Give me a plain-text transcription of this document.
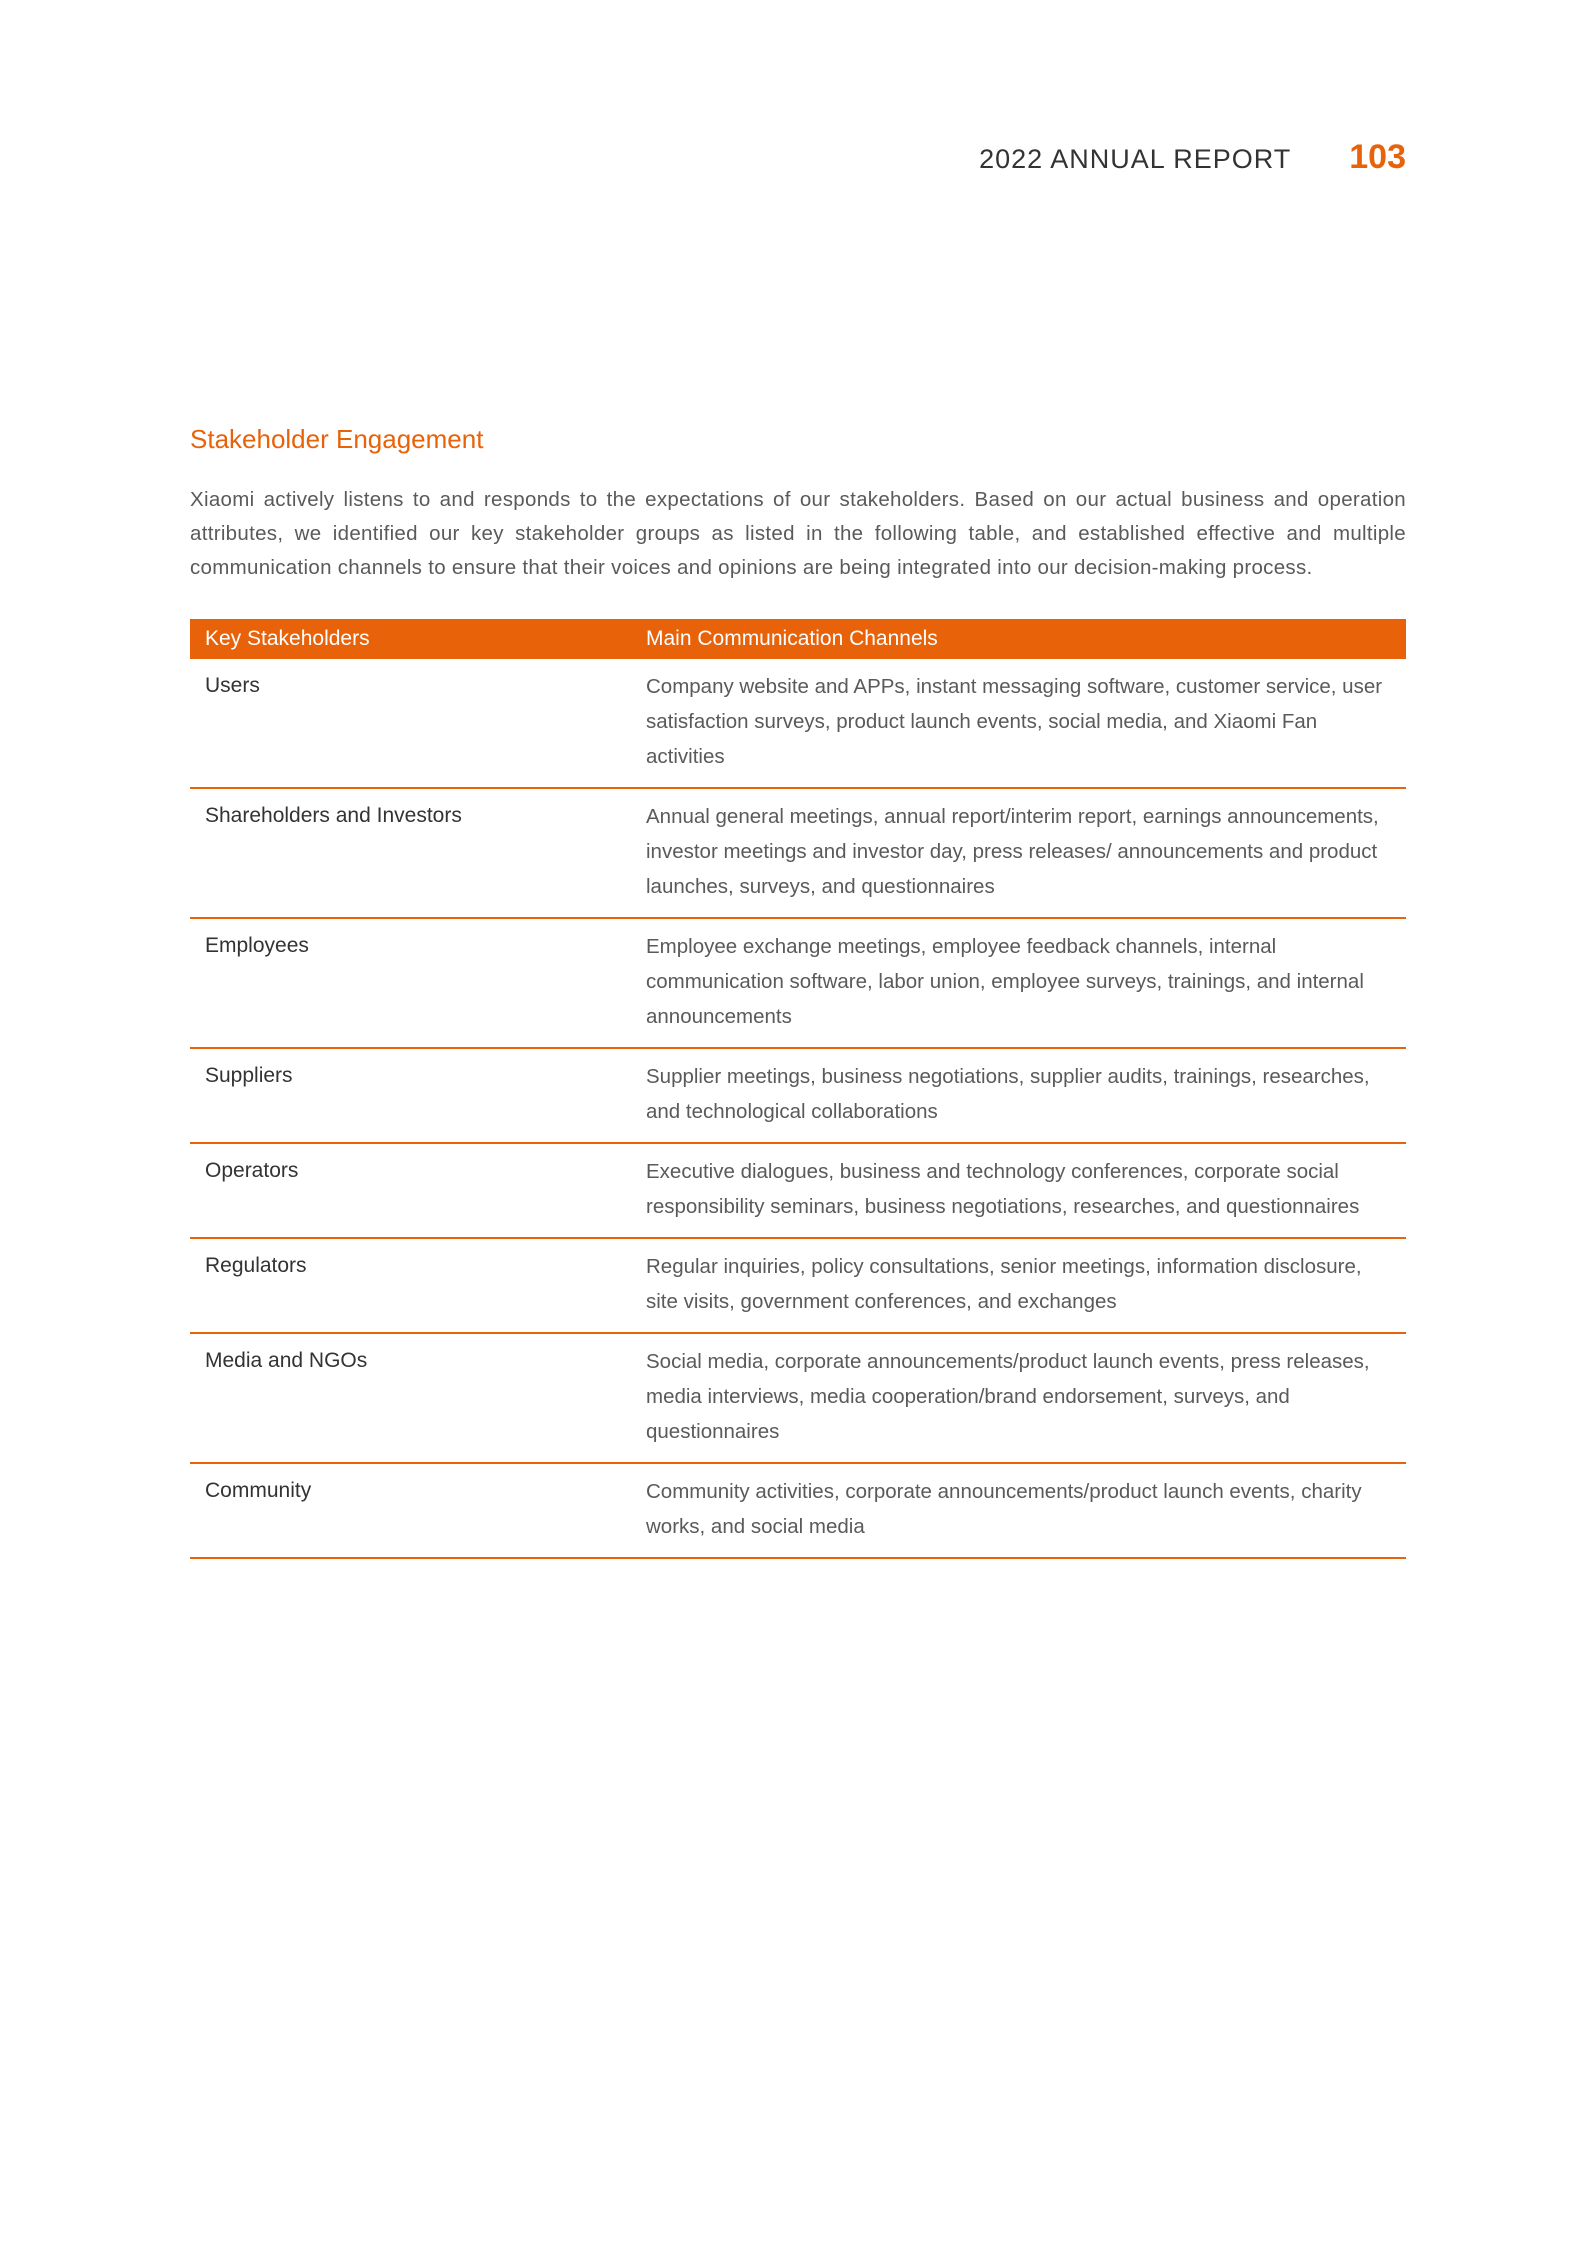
2022 ANNUAL REPORT 103
Stakeholder Engagement

Xiaomi actively listens to and responds to the expectations of our stakeholders. Based on our actual business and operation attributes, we identified our key stakeholder groups as listed in the following table, and established effective and multiple communication channels to ensure that their voices and opinions are being integrated into our decision-making process.

Key Stakeholders	Main Communication Channels
Users	Company website and APPs, instant messaging software, customer service, user satisfaction surveys, product launch events, social media, and Xiaomi Fan activities
Shareholders and Investors	Annual general meetings, annual report/interim report, earnings announcements, investor meetings and investor day, press releases/ announcements and product launches, surveys, and questionnaires
Employees	Employee exchange meetings, employee feedback channels, internal communication software, labor union, employee surveys, trainings, and internal announcements
Suppliers	Supplier meetings, business negotiations, supplier audits, trainings, researches, and technological collaborations
Operators	Executive dialogues, business and technology conferences, corporate social responsibility seminars, business negotiations, researches, and questionnaires
Regulators	Regular inquiries, policy consultations, senior meetings, information disclosure, site visits, government conferences, and exchanges
Media and NGOs	Social media, corporate announcements/product launch events, press releases, media interviews, media cooperation/brand endorsement, surveys, and questionnaires
Community	Community activities, corporate announcements/product launch events, charity works, and social media
